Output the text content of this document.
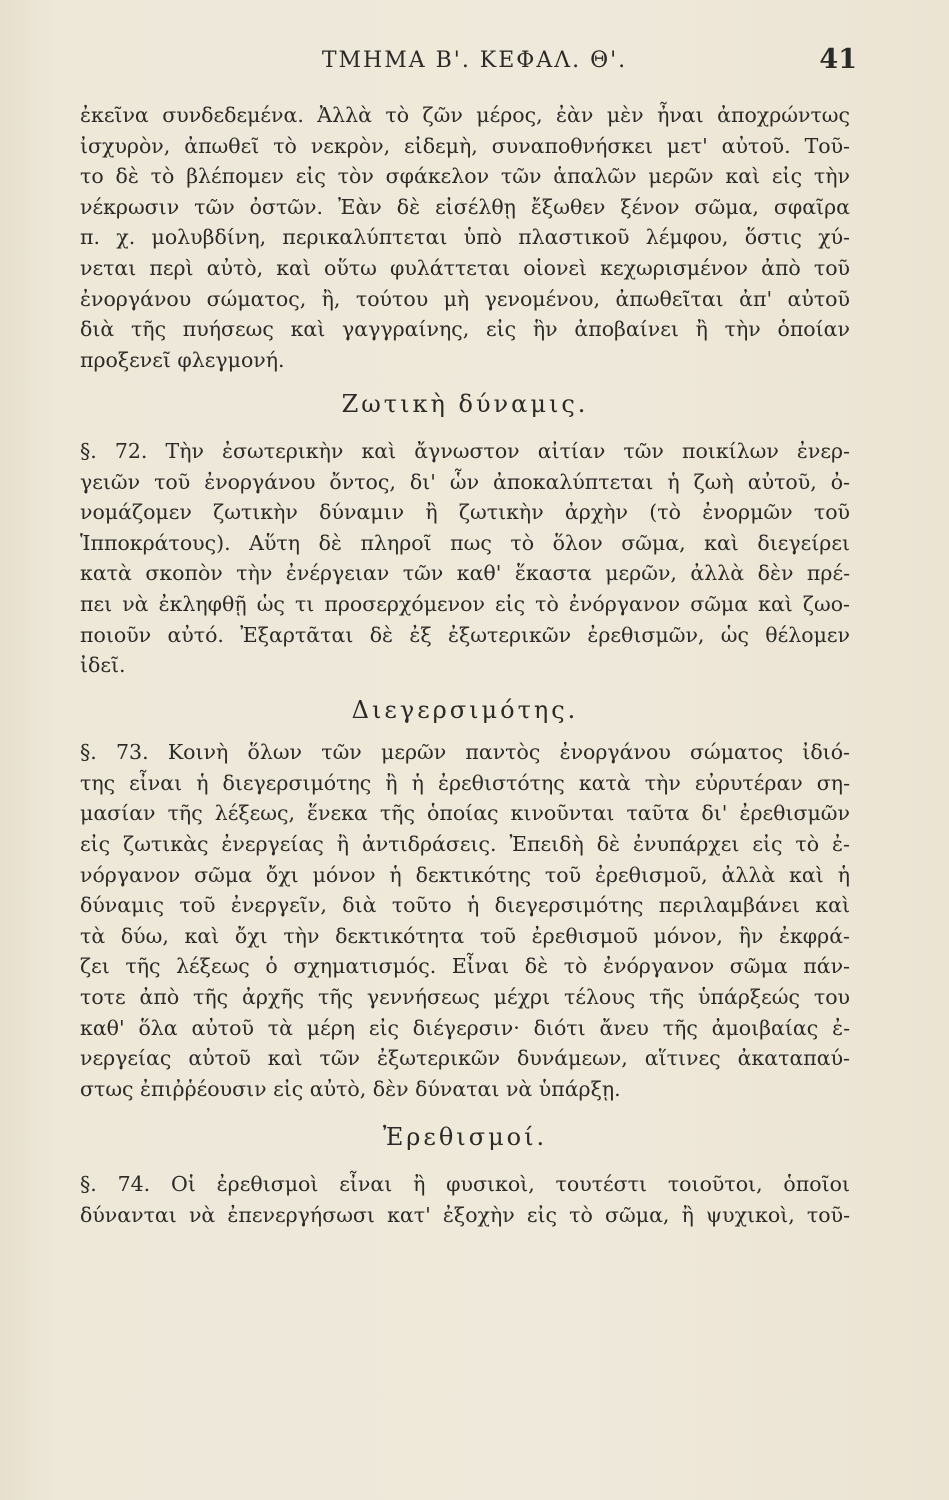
ΤΜΗΜΑ Β'. ΚΕΦΑΛ. Θ'.	41
ἐκεῖνα συνδεδεμένα. Ἀλλὰ τὸ ζῶν μέρος, ἐὰν μὲν ἦναι ἀποχρώντως
ἰσχυρὸν, ἀπωθεῖ τὸ νεκρὸν, εἰδεμὴ, συναποθνήσκει μετ' αὐτοῦ. Τοῦ-
το δὲ τὸ βλέπομεν εἰς τὸν σφάκελον τῶν ἁπαλῶν μερῶν καὶ εἰς τὴν
νέκρωσιν τῶν ὀστῶν. Ἐὰν δὲ εἰσέλθῃ ἔξωθεν ξένον σῶμα, σφαῖρα
π. χ. μολυβδίνη, περικαλύπτεται ὑπὸ πλαστικοῦ λέμφου, ὅστις χύ-
νεται περὶ αὐτὸ, καὶ οὕτω φυλάττεται οἱονεὶ κεχωρισμένον ἀπὸ τοῦ
ἐνοργάνου σώματος, ἢ, τούτου μὴ γενομένου, ἀπωθεῖται ἀπ' αὐτοῦ
διὰ τῆς πυήσεως καὶ γαγγραίνης, εἰς ἣν ἀποβαίνει ἢ τὴν ὁποίαν
προξενεῖ φλεγμονή.
Ζωτικὴ δύναμις.
§. 72. Τὴν ἐσωτερικὴν καὶ ἄγνωστον αἰτίαν τῶν ποικίλων ἐνερ-
γειῶν τοῦ ἐνοργάνου ὄντος, δι' ὧν ἀποκαλύπτεται ἡ ζωὴ αὐτοῦ, ὀ-
νομάζομεν ζωτικὴν δύναμιν ἢ ζωτικὴν ἀρχὴν (τὸ ἐνορμῶν τοῦ
Ἱπποκράτους). Αὕτη δὲ πληροῖ πως τὸ ὅλον σῶμα, καὶ διεγείρει
κατὰ σκοπὸν τὴν ἐνέργειαν τῶν καθ' ἕκαστα μερῶν, ἀλλὰ δὲν πρέ-
πει νὰ ἐκληφθῇ ὡς τι προσερχόμενον εἰς τὸ ἐνόργανον σῶμα καὶ ζωο-
ποιοῦν αὐτό. Ἐξαρτᾶται δὲ ἐξ ἐξωτερικῶν ἐρεθισμῶν, ὡς θέλομεν
ἰδεῖ.
Διεγερσιμότης.
§. 73. Κοινὴ ὅλων τῶν μερῶν παντὸς ἐνοργάνου σώματος ἰδιό-
της εἶναι ἡ διεγερσιμότης ἢ ἡ ἐρεθιστότης κατὰ τὴν εὐρυτέραν ση-
μασίαν τῆς λέξεως, ἕνεκα τῆς ὁποίας κινοῦνται ταῦτα δι' ἐρεθισμῶν
εἰς ζωτικὰς ἐνεργείας ἢ ἀντιδράσεις. Ἐπειδὴ δὲ ἐνυπάρχει εἰς τὸ ἐ-
νόργανον σῶμα ὄχι μόνον ἡ δεκτικότης τοῦ ἐρεθισμοῦ, ἀλλὰ καὶ ἡ
δύναμις τοῦ ἐνεργεῖν, διὰ τοῦτο ἡ διεγερσιμότης περιλαμβάνει καὶ
τὰ δύω, καὶ ὄχι τὴν δεκτικότητα τοῦ ἐρεθισμοῦ μόνον, ἣν ἐκφρά-
ζει τῆς λέξεως ὁ σχηματισμός. Εἶναι δὲ τὸ ἐνόργανον σῶμα πάν-
τοτε ἀπὸ τῆς ἀρχῆς τῆς γεννήσεως μέχρι τέλους τῆς ὑπάρξεώς του
καθ' ὅλα αὐτοῦ τὰ μέρη εἰς διέγερσιν· διότι ἄνευ τῆς ἀμοιβαίας ἐ-
νεργείας αὐτοῦ καὶ τῶν ἐξωτερικῶν δυνάμεων, αἵτινες ἀκαταπαύ-
στως ἐπιῤῥέουσιν εἰς αὐτὸ, δὲν δύναται νὰ ὑπάρξῃ.
Ἐρεθισμοί.
§. 74. Οἱ ἐρεθισμοὶ εἶναι ἢ φυσικοὶ, τουτέστι τοιοῦτοι, ὁποῖοι
δύνανται νὰ ἐπενεργήσωσι κατ' ἐξοχὴν εἰς τὸ σῶμα, ἢ ψυχικοὶ, τοῦ-
